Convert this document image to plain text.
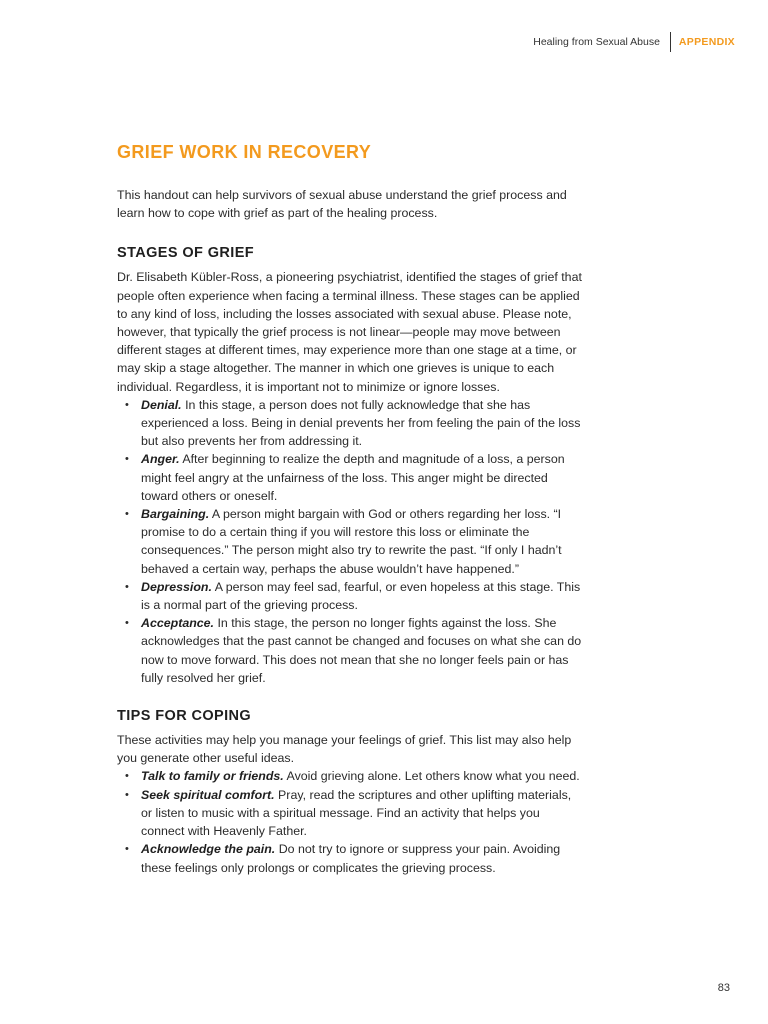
Healing from Sexual Abuse APPENDIX
GRIEF WORK IN RECOVERY

This handout can help survivors of sexual abuse understand the grief process and learn how to cope with grief as part of the healing process.

STAGES OF GRIEF

Dr. Elisabeth Kübler-Ross, a pioneering psychiatrist, identified the stages of grief that people often experience when facing a terminal illness. These stages can be applied to any kind of loss, including the losses associated with sexual abuse. Please note, however, that typically the grief process is not linear—people may move between different stages at different times, may experience more than one stage at a time, or may skip a stage altogether. The manner in which one grieves is unique to each individual. Regardless, it is important not to minimize or ignore losses.

• Denial. In this stage, a person does not fully acknowledge that she has experienced a loss. Being in denial prevents her from feeling the pain of the loss but also prevents her from addressing it.
• Anger. After beginning to realize the depth and magnitude of a loss, a person might feel angry at the unfairness of the loss. This anger might be directed toward others or oneself.
• Bargaining. A person might bargain with God or others regarding her loss. “I promise to do a certain thing if you will restore this loss or eliminate the consequences.” The person might also try to rewrite the past. “If only I hadn’t behaved a certain way, perhaps the abuse wouldn’t have happened.”
• Depression. A person may feel sad, fearful, or even hopeless at this stage. This is a normal part of the grieving process.
• Acceptance. In this stage, the person no longer fights against the loss. She acknowledges that the past cannot be changed and focuses on what she can do now to move forward. This does not mean that she no longer feels pain or has fully resolved her grief.
TIPS FOR COPING

These activities may help you manage your feelings of grief. This list may also help you generate other useful ideas.

• Talk to family or friends. Avoid grieving alone. Let others know what you need.
• Seek spiritual comfort. Pray, read the scriptures and other uplifting materials, or listen to music with a spiritual message. Find an activity that helps you connect with Heavenly Father.
• Acknowledge the pain. Do not try to ignore or suppress your pain. Avoiding these feelings only prolongs or complicates the grieving process.
83
